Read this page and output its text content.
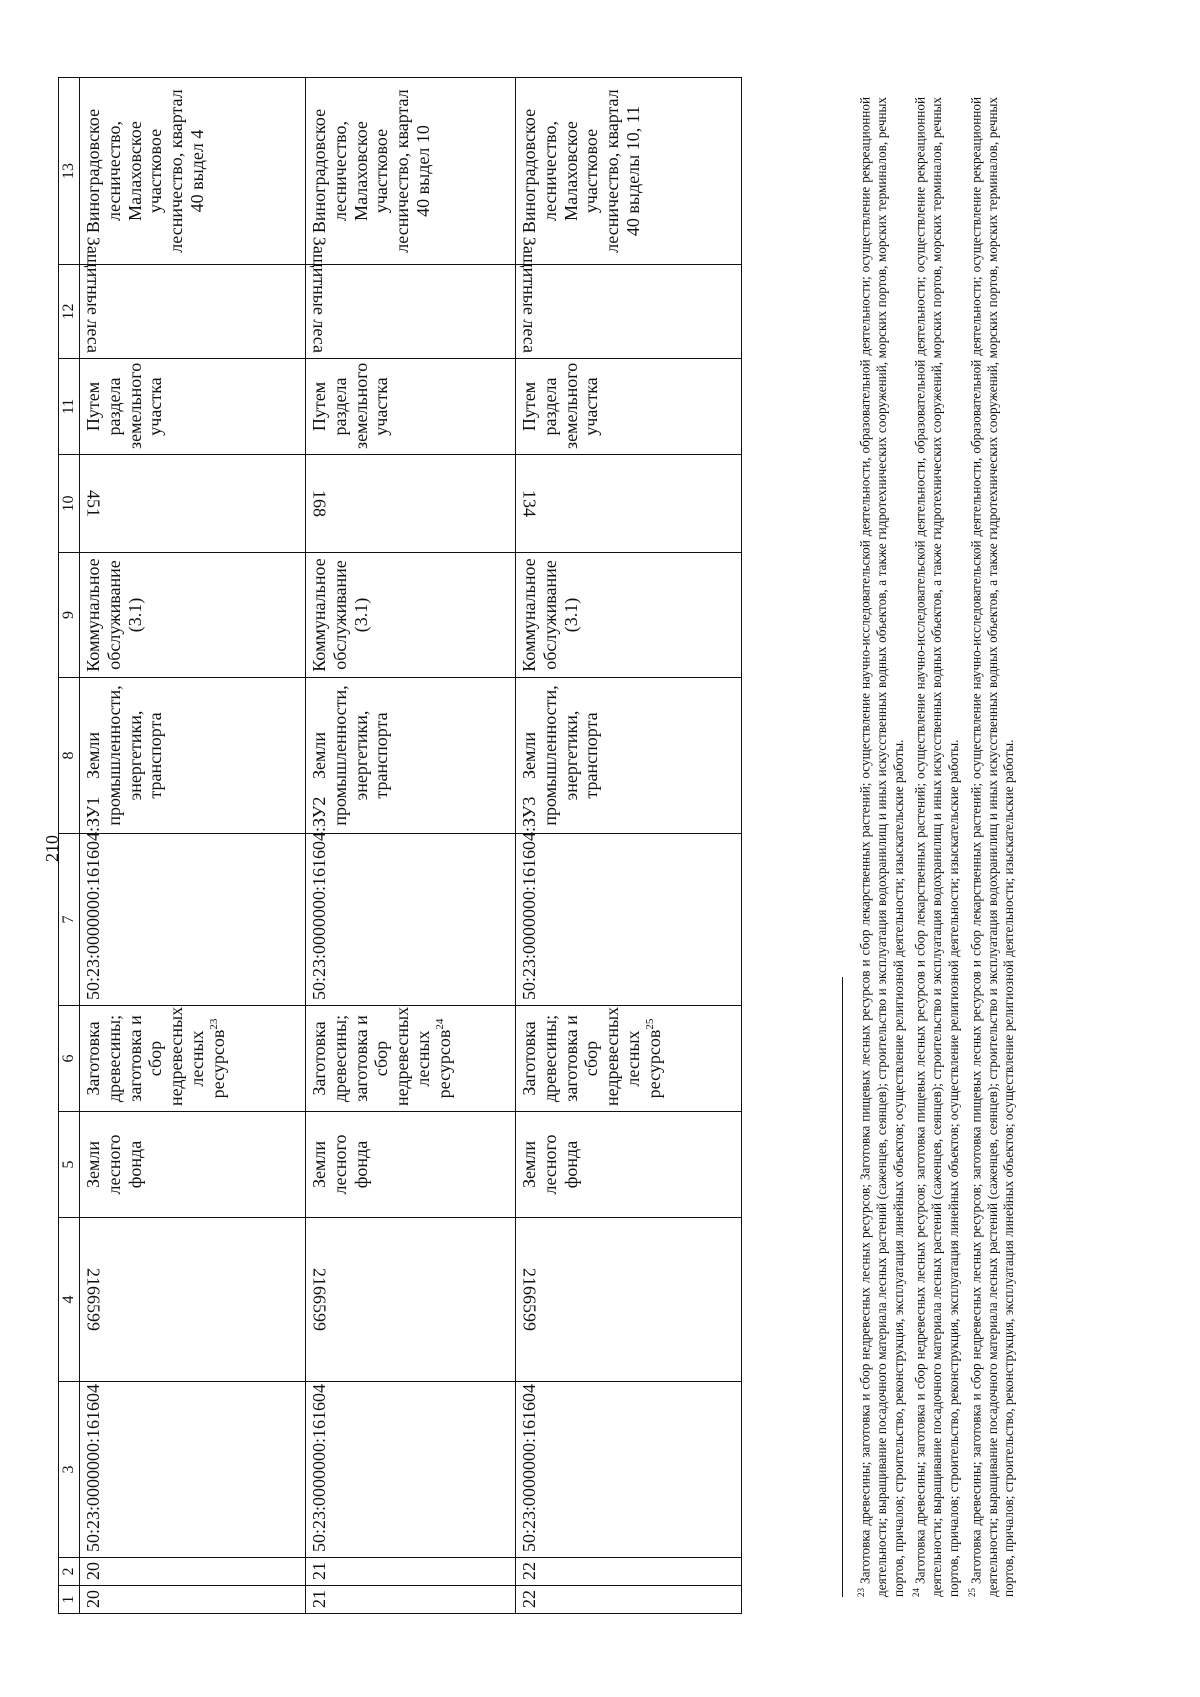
210
1	2	3	4	5	6	7	8	9	10	11	12	13
20	20	50:23:0000000:161604	2166599	Земли лесного фонда	Заготовка древесины; заготовка и сбор недревесных лесных ресурсов$^{23}$	50:23:0000000:161604:ЗУ1	Земли промышленности, энергетики, транспорта	Коммунальное обслуживание (3.1)	451	Путем раздела земельного участка	Защитные леса	Виноградовское лесничество, Малаховское участковое лесничество, квартал 40 выдел 4
21	21	50:23:0000000:161604	2166599	Земли лесного фонда	Заготовка древесины; заготовка и сбор недревесных лесных ресурсов$^{24}$	50:23:0000000:161604:ЗУ2	Земли промышленности, энергетики, транспорта	Коммунальное обслуживание (3.1)	168	Путем раздела земельного участка	Защитные леса	Виноградовское лесничество, Малаховское участковое лесничество, квартал 40 выдел 10
22	22	50:23:0000000:161604	2166599	Земли лесного фонда	Заготовка древесины; заготовка и сбор недревесных лесных ресурсов$^{25}$	50:23:0000000:161604:ЗУ3	Земли промышленности, энергетики, транспорта	Коммунальное обслуживание (3.1)	134	Путем раздела земельного участка	Защитные леса	Виноградовское лесничество, Малаховское участковое лесничество, квартал 40 выделы 10, 11

$^{23}$ Заготовка древесины; заготовка и сбор недревесных лесных ресурсов; Заготовка пищевых лесных ресурсов и сбор лекарственных растений; осуществление научно-исследовательской деятельности, образовательной деятельности; осуществление рекреационной деятельности; выращивание посадочного материала лесных растений (саженцев, сеянцев); строительство и эксплуатация водохранилищ и иных искусственных водных объектов, а также гидротехнических сооружений, морских портов, морских терминалов, речных портов, причалов; строительство, реконструкция, эксплуатация линейных объектов; осуществление религиозной деятельности; изыскательские работы. $^{24}$ Заготовка древесины; заготовка и сбор недревесных лесных ресурсов; заготовка пищевых лесных ресурсов и сбор лекарственных растений; осуществление научно-исследовательской деятельности, образовательной деятельности; осуществление рекреационной деятельности; выращивание посадочного материала лесных растений (саженцев, сеянцев); строительство и эксплуатация водохранилищ и иных искусственных водных объектов, а также гидротехнических сооружений, морских портов, морских терминалов, речных портов, причалов; строительство, реконструкция, эксплуатация линейных объектов; осуществление религиозной деятельности; изыскательские работы. $^{25}$ Заготовка древесины; заготовка и сбор недревесных лесных ресурсов; заготовка пищевых лесных ресурсов и сбор лекарственных растений; осуществление научно-исследовательской деятельности, образовательной деятельности; осуществление рекреационной деятельности; выращивание посадочного материала лесных растений (саженцев, сеянцев); строительство и эксплуатация водохранилищ и иных искусственных водных объектов, а также гидротехнических сооружений, морских портов, морских терминалов, речных портов, причалов; строительство, реконструкция, эксплуатация линейных объектов; осуществление религиозной деятельности; изыскательские работы.
